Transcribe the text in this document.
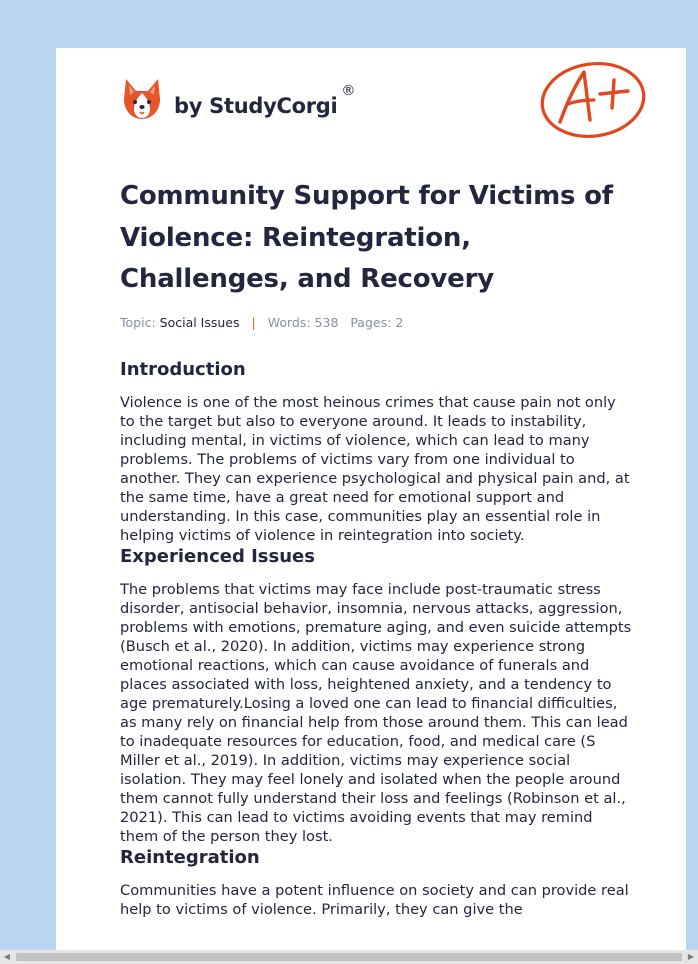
by StudyCorgi
®
Community Support for Victims of Violence: Reintegration, Challenges, and Recovery
Topic: Social Issues | Words: 538 Pages: 2
Introduction

Violence is one of the most heinous crimes that cause pain not only to the target but also to everyone around. It leads to instability, including mental, in victims of violence, which can lead to many problems. The problems of victims vary from one individual to another. They can experience psychological and physical pain and, at the same time, have a great need for emotional support and understanding. In this case, communities play an essential role in helping victims of violence in reintegration into society.

Experienced Issues

The problems that victims may face include post-traumatic stress disorder, antisocial behavior, insomnia, nervous attacks, aggression, problems with emotions, premature aging, and even suicide attempts (Busch et al., 2020). In addition, victims may experience strong emotional reactions, which can cause avoidance of funerals and places associated with loss, heightened anxiety, and a tendency to age prematurely.Losing a loved one can lead to financial difficulties, as many rely on financial help from those around them. This can lead to inadequate resources for education, food, and medical care (S Miller et al., 2019). In addition, victims may experience social isolation. They may feel lonely and isolated when the people around them cannot fully understand their loss and feelings (Robinson et al., 2021). This can lead to victims avoiding events that may remind them of the person they lost.

Reintegration

Communities have a potent influence on society and can provide real help to victims of violence. Primarily, they can give the

◀	▶
